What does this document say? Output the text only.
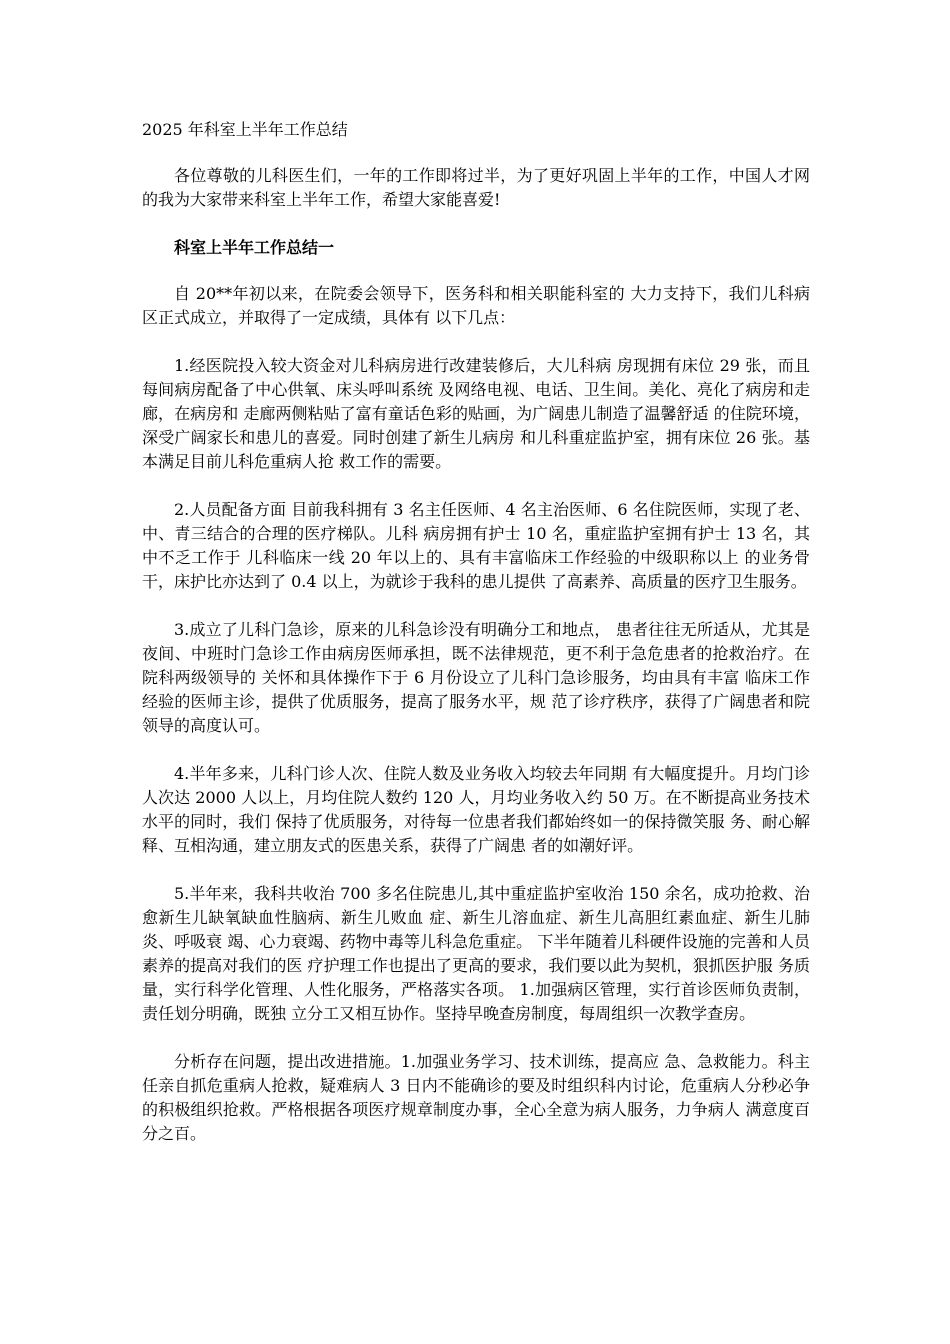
2025 年科室上半年工作总结

各位尊敬的儿科医生们，一年的工作即将过半，为了更好巩固上半年的工作，中国人才网的我为大家带来科室上半年工作，希望大家能喜爱!

科室上半年工作总结一

自 20**年初以来，在院委会领导下，医务科和相关职能科室的 大力支持下，我们儿科病区正式成立，并取得了一定成绩，具体有 以下几点：

1.经医院投入较大资金对儿科病房进行改建装修后，大儿科病 房现拥有床位 29 张，而且每间病房配备了中心供氧、床头呼叫系统 及网络电视、电话、卫生间。美化、亮化了病房和走廊，在病房和 走廊两侧粘贴了富有童话色彩的贴画，为广阔患儿制造了温馨舒适 的住院环境，深受广阔家长和患儿的喜爱。同时创建了新生儿病房 和儿科重症监护室，拥有床位 26 张。基本满足目前儿科危重病人抢 救工作的需要。

2.人员配备方面 目前我科拥有 3 名主任医师、4 名主治医师、6 名住院医师，实现了老、中、青三结合的合理的医疗梯队。儿科 病房拥有护士 10 名，重症监护室拥有护士 13 名，其中不乏工作于 儿科临床一线 20 年以上的、具有丰富临床工作经验的中级职称以上 的业务骨干，床护比亦达到了 0.4 以上，为就诊于我科的患儿提供 了高素养、高质量的医疗卫生服务。

3.成立了儿科门急诊，原来的儿科急诊没有明确分工和地点， 患者往往无所适从，尤其是夜间、中班时门急诊工作由病房医师承担，既不法律规范，更不利于急危患者的抢救治疗。在院科两级领导的 关怀和具体操作下于 6 月份设立了儿科门急诊服务，均由具有丰富 临床工作经验的医师主诊，提供了优质服务，提高了服务水平，规 范了诊疗秩序，获得了广阔患者和院领导的高度认可。

4.半年多来，儿科门诊人次、住院人数及业务收入均较去年同期 有大幅度提升。月均门诊人次达 2000 人以上，月均住院人数约 120 人，月均业务收入约 50 万。在不断提高业务技术水平的同时，我们 保持了优质服务，对待每一位患者我们都始终如一的保持微笑服 务、耐心解释、互相沟通，建立朋友式的医患关系，获得了广阔患 者的如潮好评。

5.半年来，我科共收治 700 多名住院患儿,其中重症监护室收治 150 余名，成功抢救、治愈新生儿缺氧缺血性脑病、新生儿败血 症、新生儿溶血症、新生儿高胆红素血症、新生儿肺炎、呼吸衰 竭、心力衰竭、药物中毒等儿科急危重症。 下半年随着儿科硬件设施的完善和人员素养的提高对我们的医 疗护理工作也提出了更高的要求，我们要以此为契机，狠抓医护服 务质量，实行科学化管理、人性化服务，严格落实各项。 1.加强病区管理，实行首诊医师负责制，责任划分明确，既独 立分工又相互协作。坚持早晚查房制度，每周组织一次教学查房。

分析存在问题，提出改进措施。1.加强业务学习、技术训练，提高应 急、急救能力。科主任亲自抓危重病人抢救，疑难病人 3 日内不能确诊的要及时组织科内讨论，危重病人分秒必争的积极组织抢救。严格根据各项医疗规章制度办事，全心全意为病人服务，力争病人 满意度百分之百。
